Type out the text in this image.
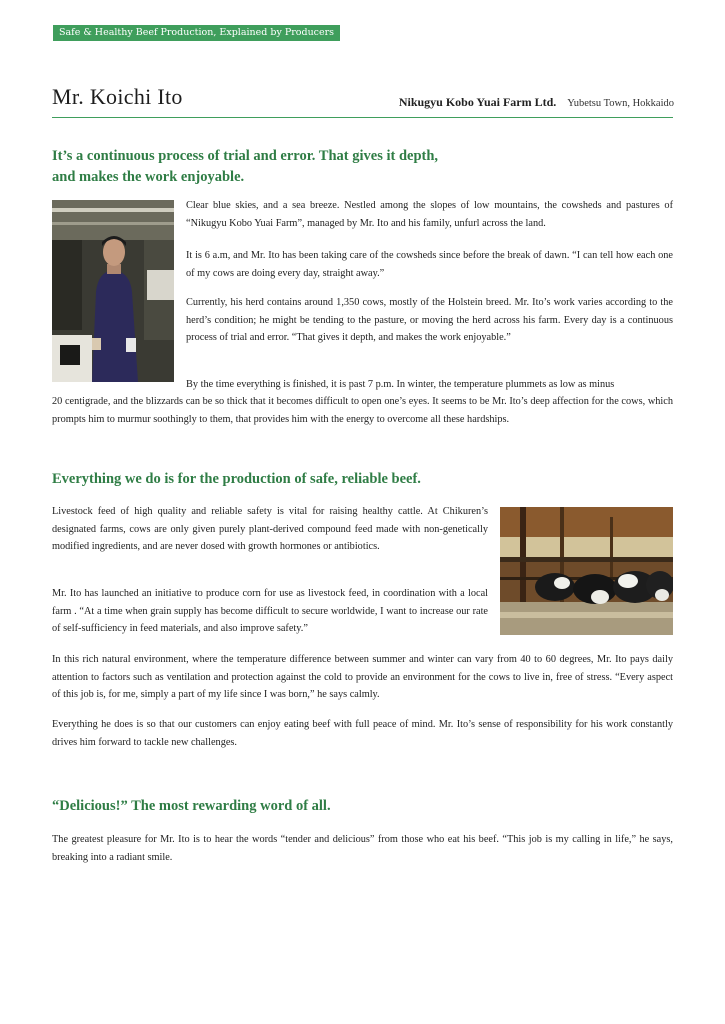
Safe & Healthy Beef Production, Explained by Producers
Mr. Koichi Ito	Nikugyu Kobo Yuai Farm Ltd. Yubetsu Town, Hokkaido
It’s a continuous process of trial and error. That gives it depth,
and makes the work enjoyable.

Clear blue skies, and a sea breeze. Nestled among the slopes of low mountains, the cowsheds and pastures of “Nikugyu Kobo Yuai Farm”, managed by Mr. Ito and his family, unfurl across the land.

It is 6 a.m, and Mr. Ito has been taking care of the cowsheds since before the break of dawn. “I can tell how each one of my cows are doing every day, straight away.”

Currently, his herd contains around 1,350 cows, mostly of the Holstein breed. Mr. Ito’s work varies according to the herd’s condition; he might be tending to the pasture, or moving the herd across his farm. Every day is a continuous process of trial and error. “That gives it depth, and makes the work enjoyable.”

By the time everything is finished, it is past 7 p.m. In winter, the temperature plummets as low as minus

20 centigrade, and the blizzards can be so thick that it becomes difficult to open one’s eyes. It seems to be Mr. Ito’s deep affection for the cows, which prompts him to murmur soothingly to them, that provides him with the energy to overcome all these hardships.

Everything we do is for the production of safe, reliable beef.

Livestock feed of high quality and reliable safety is vital for raising healthy cattle. At Chikuren’s designated farms, cows are only given purely plant-derived compound feed made with non-genetically modified ingredients, and are never dosed with growth hormones or antibiotics.

Mr. Ito has launched an initiative to produce corn for use as livestock feed, in coordination with a local farm . “At a time when grain supply has become difficult to secure worldwide, I want to increase our rate of self-sufficiency in feed materials, and also improve safety.”

In this rich natural environment, where the temperature difference between summer and winter can vary from 40 to 60 degrees, Mr. Ito pays daily attention to factors such as ventilation and protection against the cold to provide an environment for the cows to live in, free of stress. “Every aspect of this job is, for me, simply a part of my life since I was born,” he says calmly.

Everything he does is so that our customers can enjoy eating beef with full peace of mind. Mr. Ito’s sense of responsibility for his work constantly drives him forward to tackle new challenges.

“Delicious!” The most rewarding word of all.

The greatest pleasure for Mr. Ito is to hear the words “tender and delicious” from those who eat his beef. “This job is my calling in life,” he says, breaking into a radiant smile.
